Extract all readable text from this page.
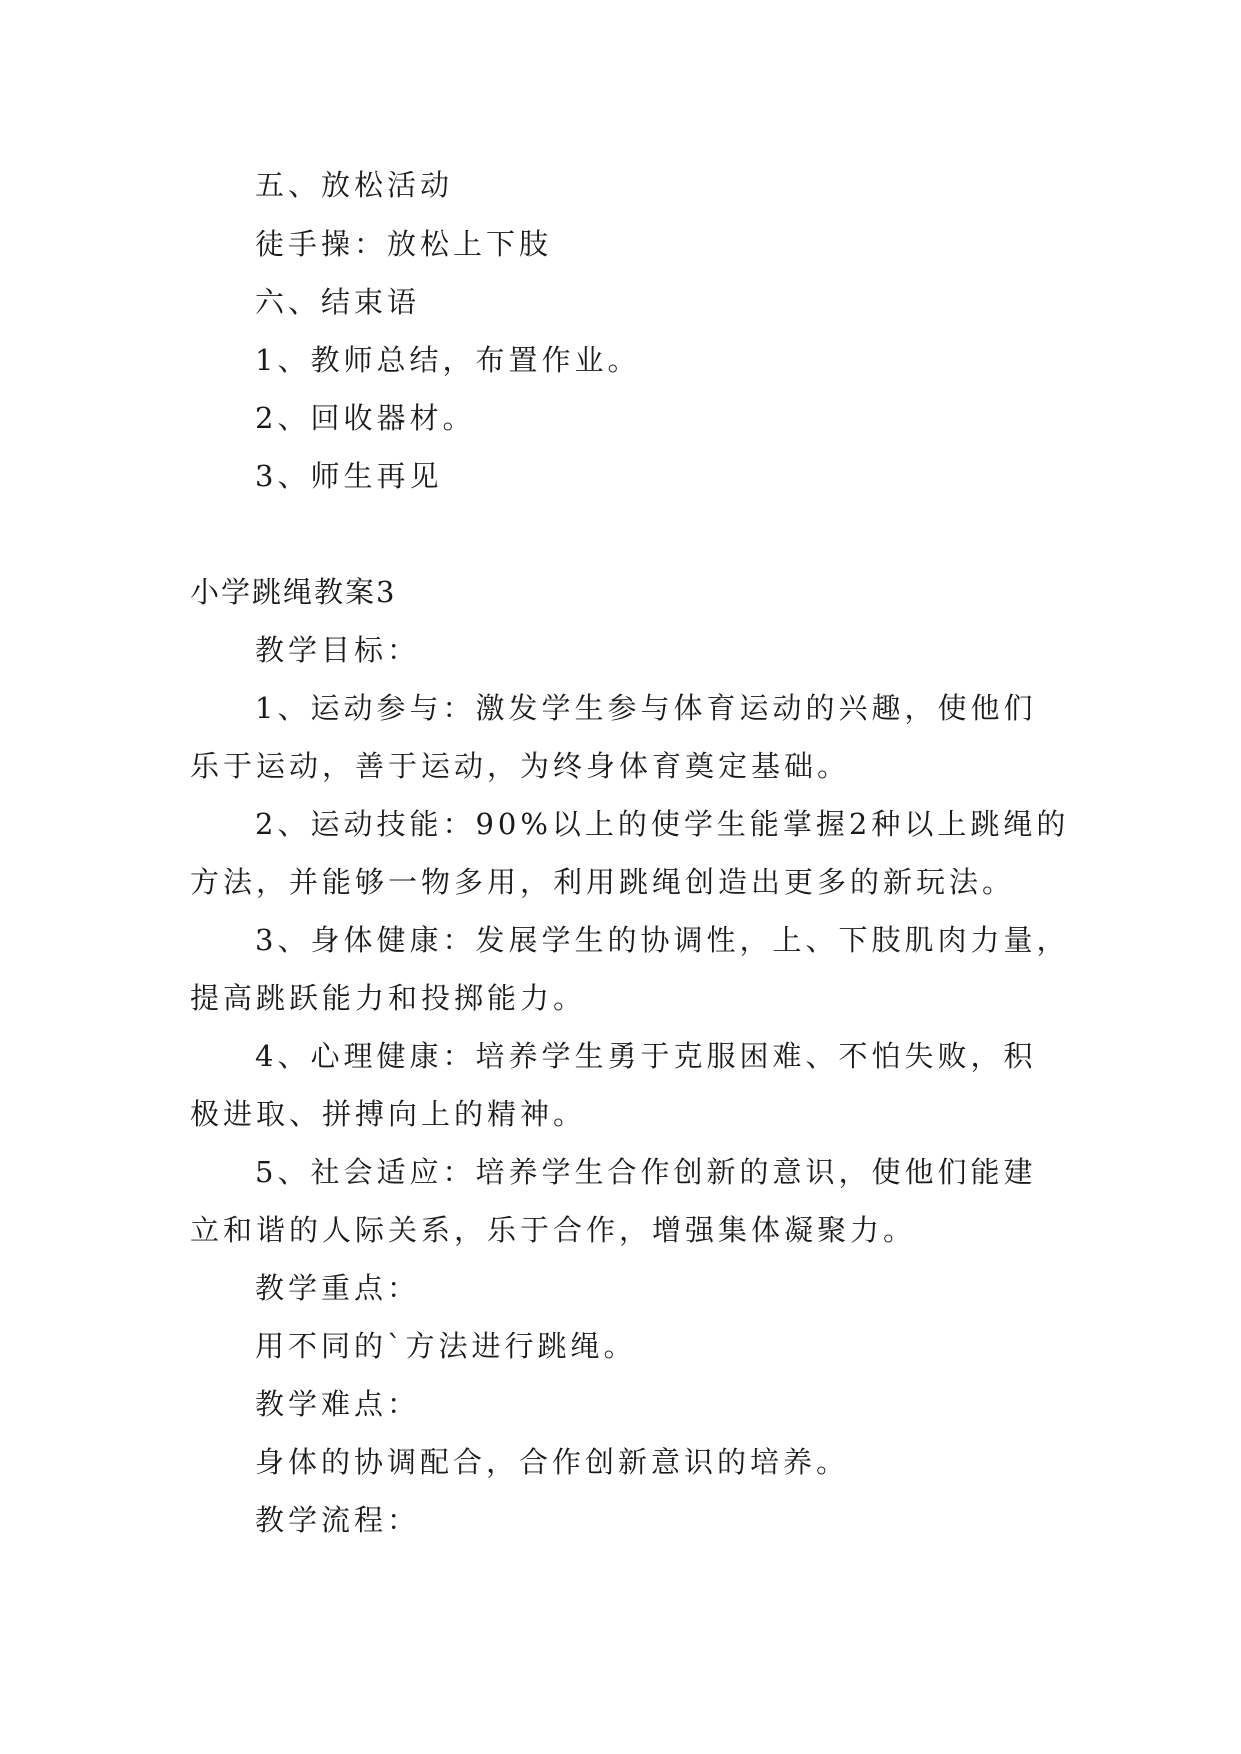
五、放松活动

徒手操：放松上下肢

六、结束语

1、教师总结，布置作业。

2、回收器材。

3、师生再见

小学跳绳教案3

教学目标：

1、运动参与：激发学生参与体育运动的兴趣，使他们

乐于运动，善于运动，为终身体育奠定基础。

2、运动技能：90%以上的使学生能掌握2种以上跳绳的

方法，并能够一物多用，利用跳绳创造出更多的新玩法。

3、身体健康：发展学生的协调性，上、下肢肌肉力量，

提高跳跃能力和投掷能力。

4、心理健康：培养学生勇于克服困难、不怕失败，积

极进取、拼搏向上的精神。

5、社会适应：培养学生合作创新的意识，使他们能建

立和谐的人际关系，乐于合作，增强集体凝聚力。

教学重点：

用不同的`方法进行跳绳。

教学难点：

身体的协调配合，合作创新意识的培养。

教学流程：
